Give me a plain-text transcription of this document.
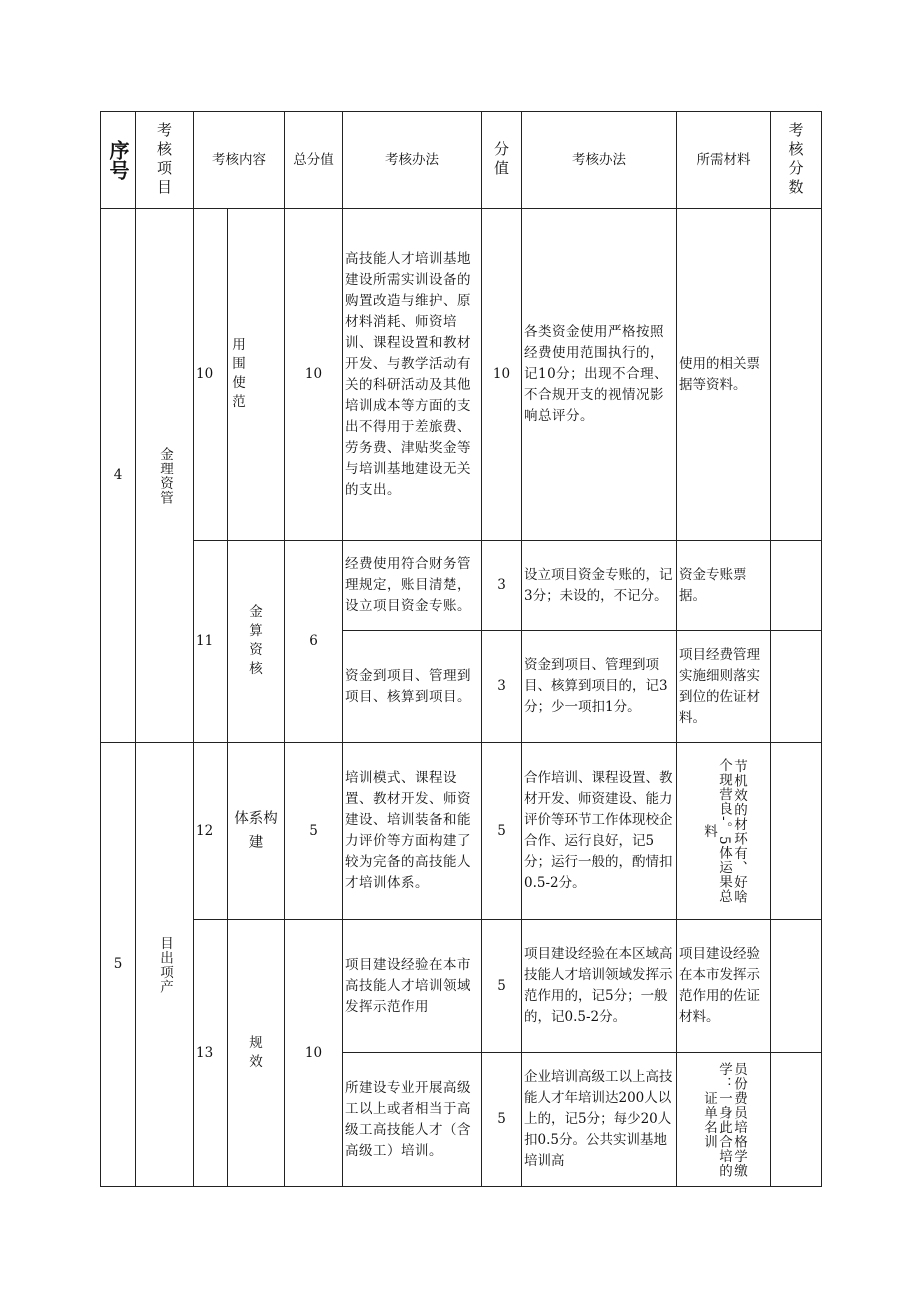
序号	考核项目	考核内容		总分值	考核办法	分值	考核办法	所需材料	考核分数
4	金理资管	10	用围使范	10	高技能人才培训基地建设所需实训设备的购置改造与维护、原材料消耗、师资培训、课程设置和教材开发、与教学活动有关的科研活动及其他培训成本等方面的支出不得用于差旅费、劳务费、津贴奖金等与培训基地建设无关的支出。	10	各类资金使用严格按照经费使用范围执行的，记10分；出现不合理、不合规开支的视情况影响总评分。	使用的相关票据等资料。	
		11	金算资核	6	经费使用符合财务管理规定，账目清楚，设立项目资金专账。	3	设立项目资金专账的，记3分；未设的，不记分。	资金专账票据。	
					资金到项目、管理到项目、核算到项目。	3	资金到项目、管理到项目、核算到项目的，记3分；少一项扣1分。	项目经费管理实施细则落实到位的佐证材料。	
5	目出项产	12	体系构建	5	培训模式、课程设置、教材开发、师资建设、培训装备和能力评价等方面构建了较为完备的高技能人才培训体系。	5	合作培训、课程设置、教材开发、师资建设、能力评价等环节工作体现校企合作、运行良好，记5分；运行一般的，酌情扣0.5-2分。	节机效的材环有、好啥个现营良-。5体运果总料	

		13	规效	10	项目建设经验在本市高技能人才培训领域发挥示范作用	5	项目建设经验在本区域高技能人才培训领域发挥示范作用的，记5分；一般的，记0.5-2分。	项目建设经验在本市发挥示范作用的佐证材料。	
					所建设专业开展高级工以上或者相当于高级工高技能人才（含高级工）培训。	5	企业培训高级工以上高技能人才年培训达200人以上的，记5分；每少20人扣0.5分。公共实训基地培训高	员份费员培格学缴学：一身此合培的证单名训	
